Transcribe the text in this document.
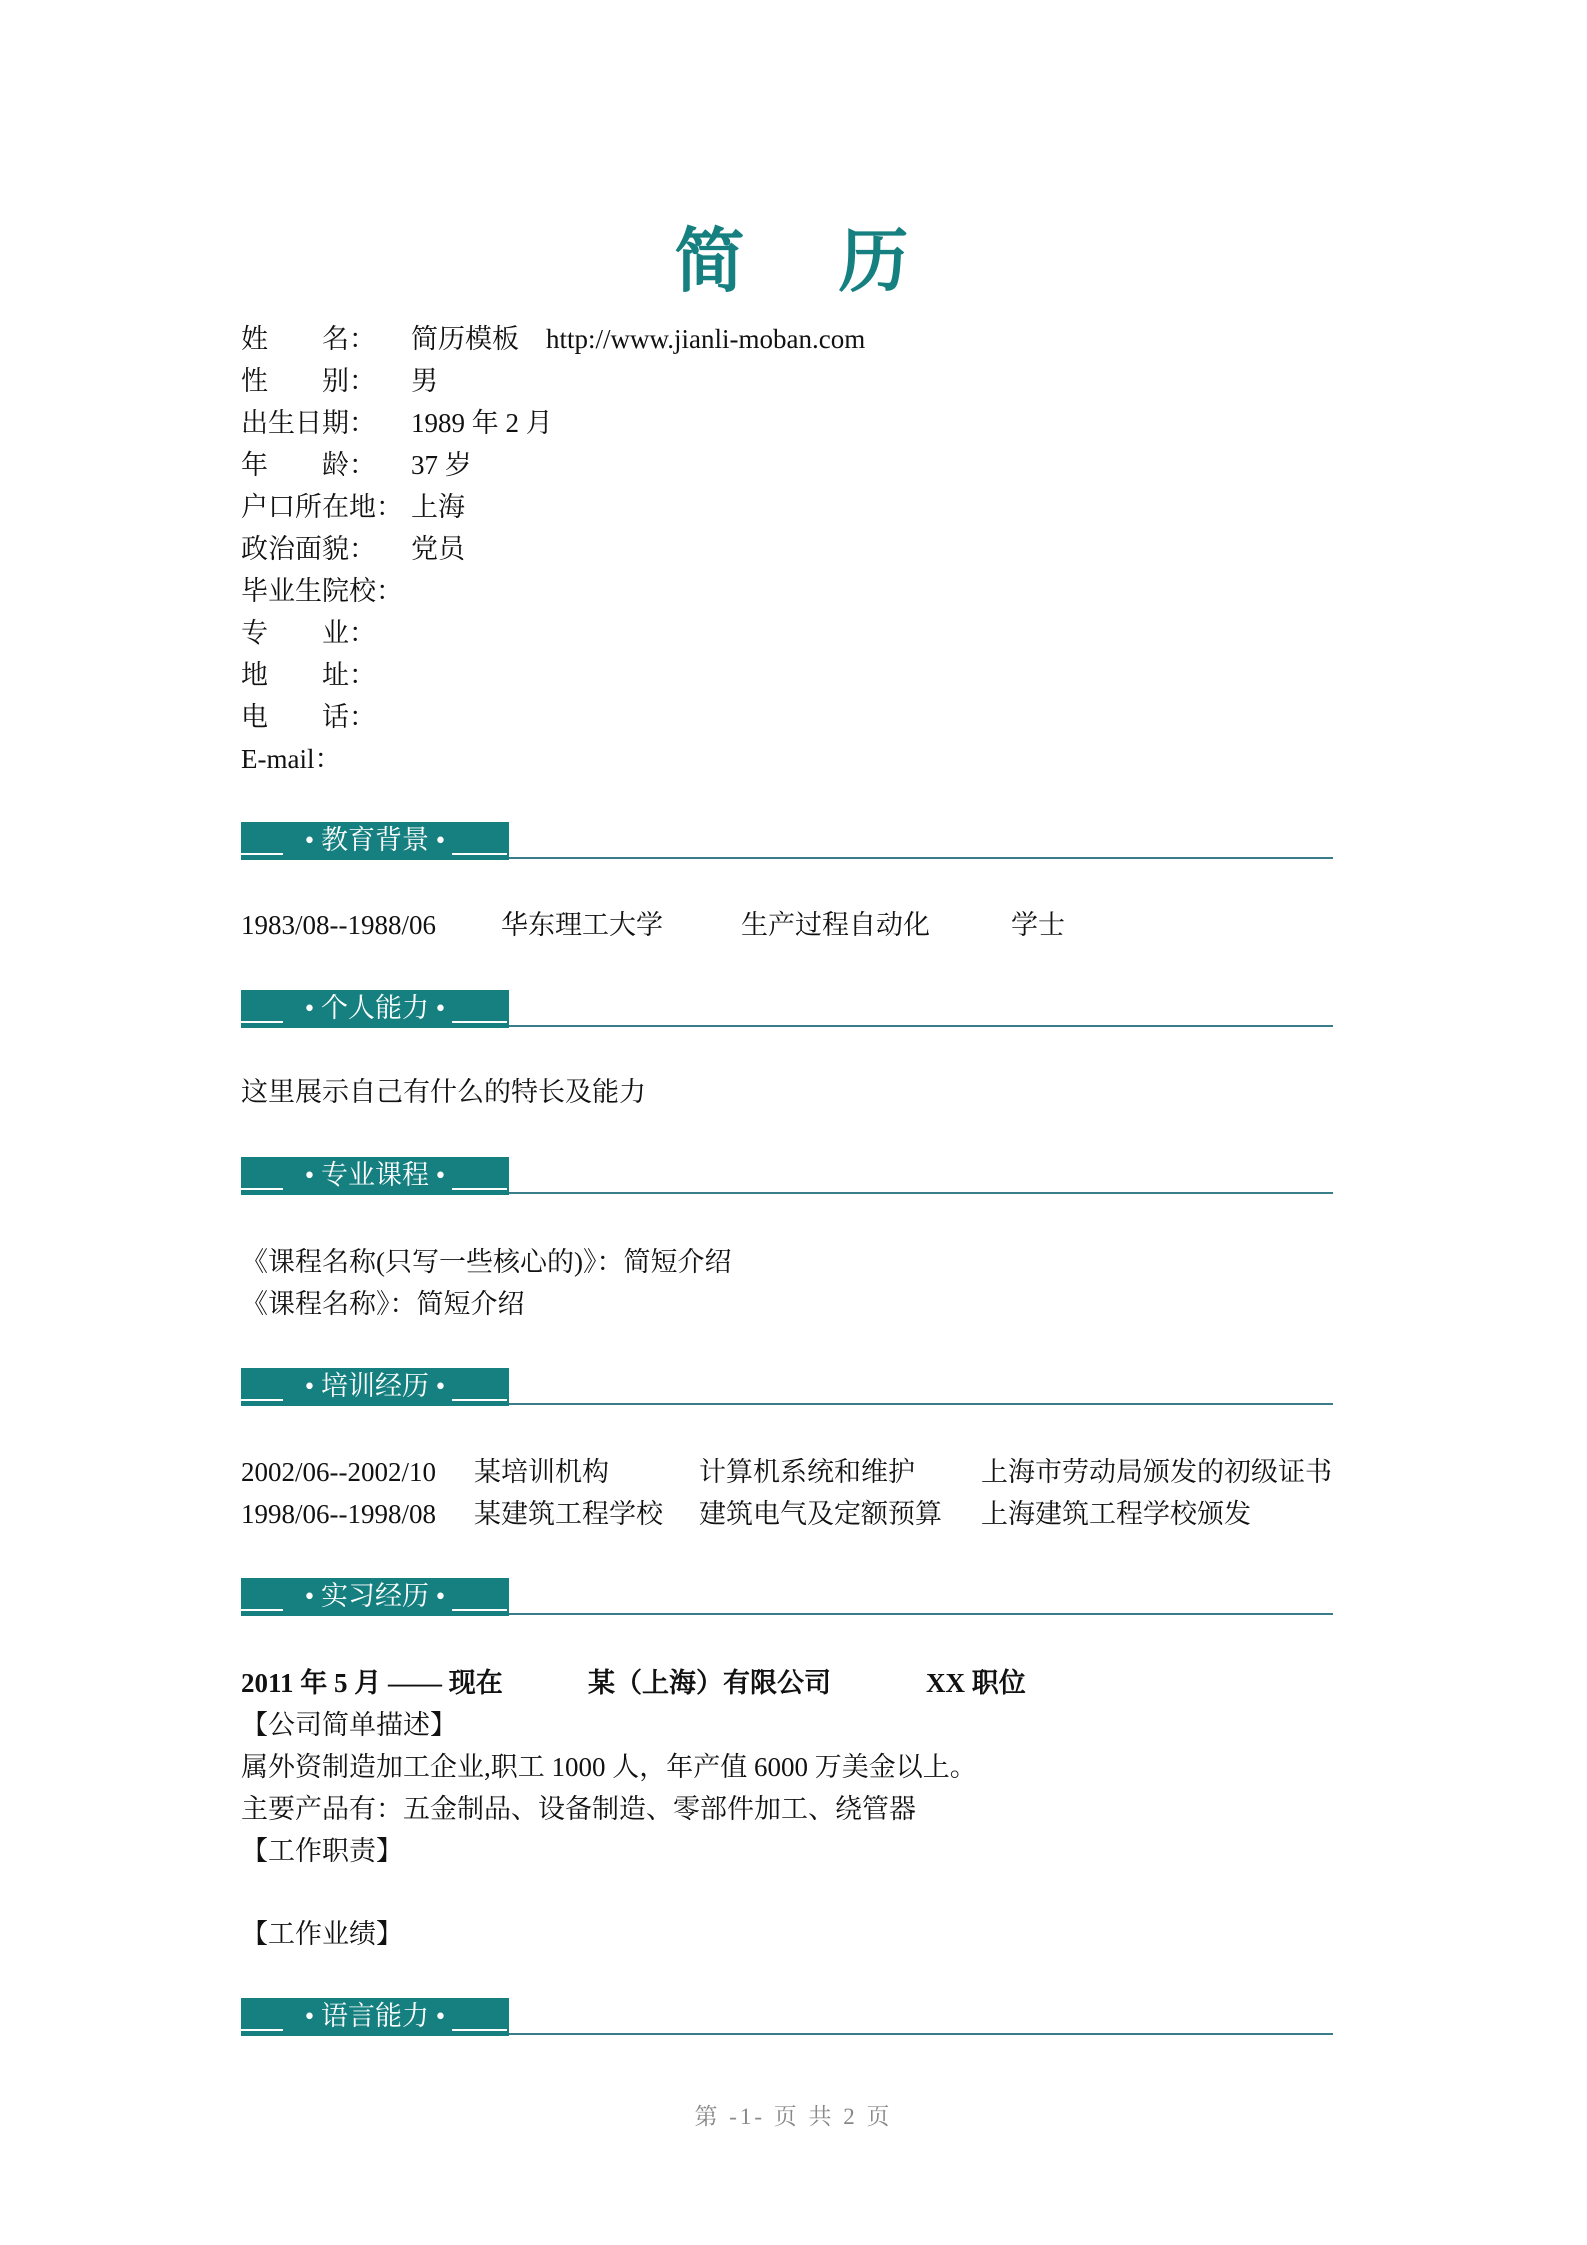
简 历
姓　　名：	简历模板　http://www.jianli-moban.com
性　　别：	男
出生日期：	1989 年 2 月
年　　龄：	37 岁
户口所在地： 上海
政治面貌：	党员
毕业生院校：
专　　业：
地　　址：
电　　话：
E-mail：
• 教育背景 •
1983/08--1988/06	华东理工大学	生产过程自动化	学士
• 个人能力 •
这里展示自己有什么的特长及能力
• 专业课程 •
《课程名称(只写一些核心的)》：简短介绍
《课程名称》：简短介绍
• 培训经历 •
2002/06--2002/10	某培训机构	计算机系统和维护	上海市劳动局颁发的初级证书
1998/06--1998/08	某建筑工程学校	建筑电气及定额预算	上海建筑工程学校颁发
• 实习经历 •
2011 年 5 月 —— 现在	某（上海）有限公司	XX 职位
【公司简单描述】
属外资制造加工企业,职工 1000 人，年产值 6000 万美金以上。
主要产品有：五金制品、设备制造、零部件加工、绕管器
【工作职责】
【工作业绩】
• 语言能力 •
第 -1- 页 共 2 页
